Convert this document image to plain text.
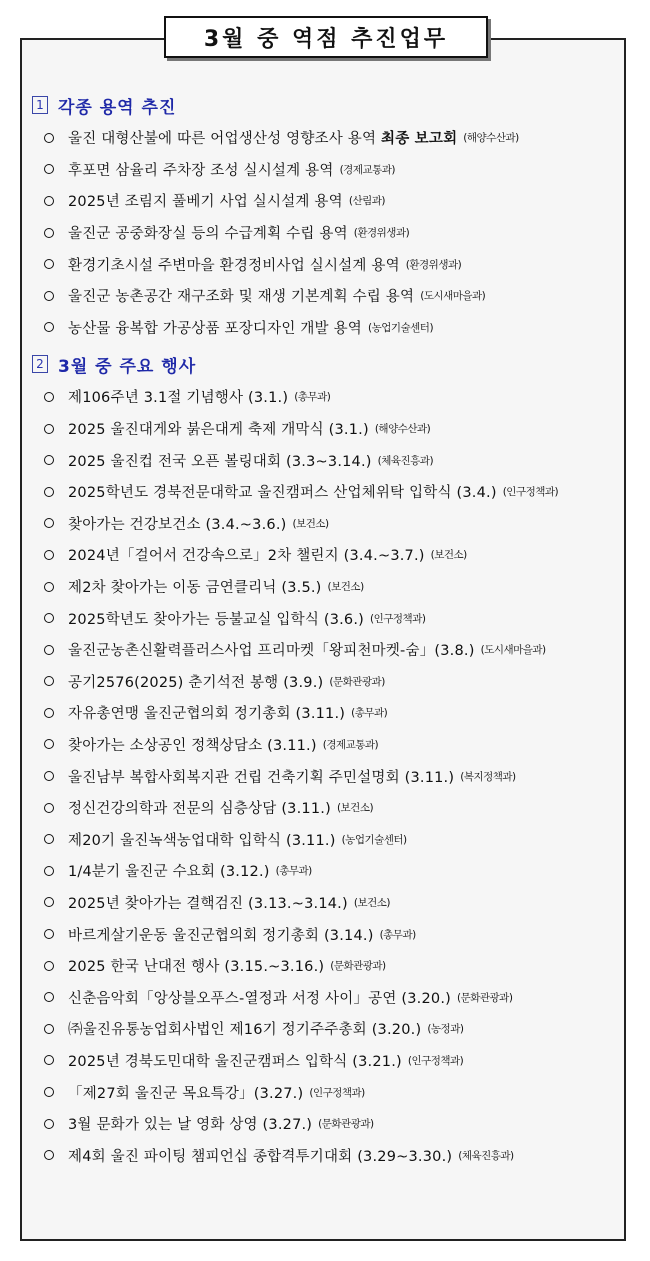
3월 중 역점 추진업무
1 각종 용역 추진
울진 대형산불에 따른 어업생산성 영향조사 용역 최종 보고회 (해양수산과)
후포면 삼율리 주차장 조성 실시설계 용역 (경제교통과)
2025년 조림지 풀베기 사업 실시설계 용역 (산림과)
울진군 공중화장실 등의 수급계획 수립 용역 (환경위생과)
환경기초시설 주변마을 환경정비사업 실시설계 용역 (환경위생과)
울진군 농촌공간 재구조화 및 재생 기본계획 수립 용역 (도시새마을과)
농산물 융복합 가공상품 포장디자인 개발 용역 (농업기술센터)
2 3월 중 주요 행사
제106주년 3.1절 기념행사 (3.1.) (총무과)
2025 울진대게와 붉은대게 축제 개막식 (3.1.) (해양수산과)
2025 울진컵 전국 오픈 볼링대회 (3.3~3.14.) (체육진흥과)
2025학년도 경북전문대학교 울진캠퍼스 산업체위탁 입학식 (3.4.) (인구정책과)
찾아가는 건강보건소 (3.4.~3.6.) (보건소)
2024년「걸어서 건강속으로」2차 챌린지 (3.4.~3.7.) (보건소)
제2차 찾아가는 이동 금연클리닉 (3.5.) (보건소)
2025학년도 찾아가는 등불교실 입학식 (3.6.) (인구정책과)
울진군농촌신활력플러스사업 프리마켓「왕피천마켓-숨」(3.8.) (도시새마을과)
공기2576(2025) 춘기석전 봉행 (3.9.) (문화관광과)
자유총연맹 울진군협의회 정기총회 (3.11.) (총무과)
찾아가는 소상공인 정책상담소 (3.11.) (경제교통과)
울진남부 복합사회복지관 건립 건축기획 주민설명회 (3.11.) (복지정책과)
정신건강의학과 전문의 심층상담 (3.11.) (보건소)
제20기 울진녹색농업대학 입학식 (3.11.) (농업기술센터)
1/4분기 울진군 수요회 (3.12.) (총무과)
2025년 찾아가는 결핵검진 (3.13.~3.14.) (보건소)
바르게살기운동 울진군협의회 정기총회 (3.14.) (총무과)
2025 한국 난대전 행사 (3.15.~3.16.) (문화관광과)
신춘음악회「앙상블오푸스-열정과 서정 사이」공연 (3.20.) (문화관광과)
㈜울진유통농업회사법인 제16기 정기주주총회 (3.20.) (농정과)
2025년 경북도민대학 울진군캠퍼스 입학식 (3.21.) (인구정책과)
「제27회 울진군 목요특강」(3.27.) (인구정책과)
3월 문화가 있는 날 영화 상영 (3.27.) (문화관광과)
제4회 울진 파이팅 챔피언십 종합격투기대회 (3.29~3.30.) (체육진흥과)
